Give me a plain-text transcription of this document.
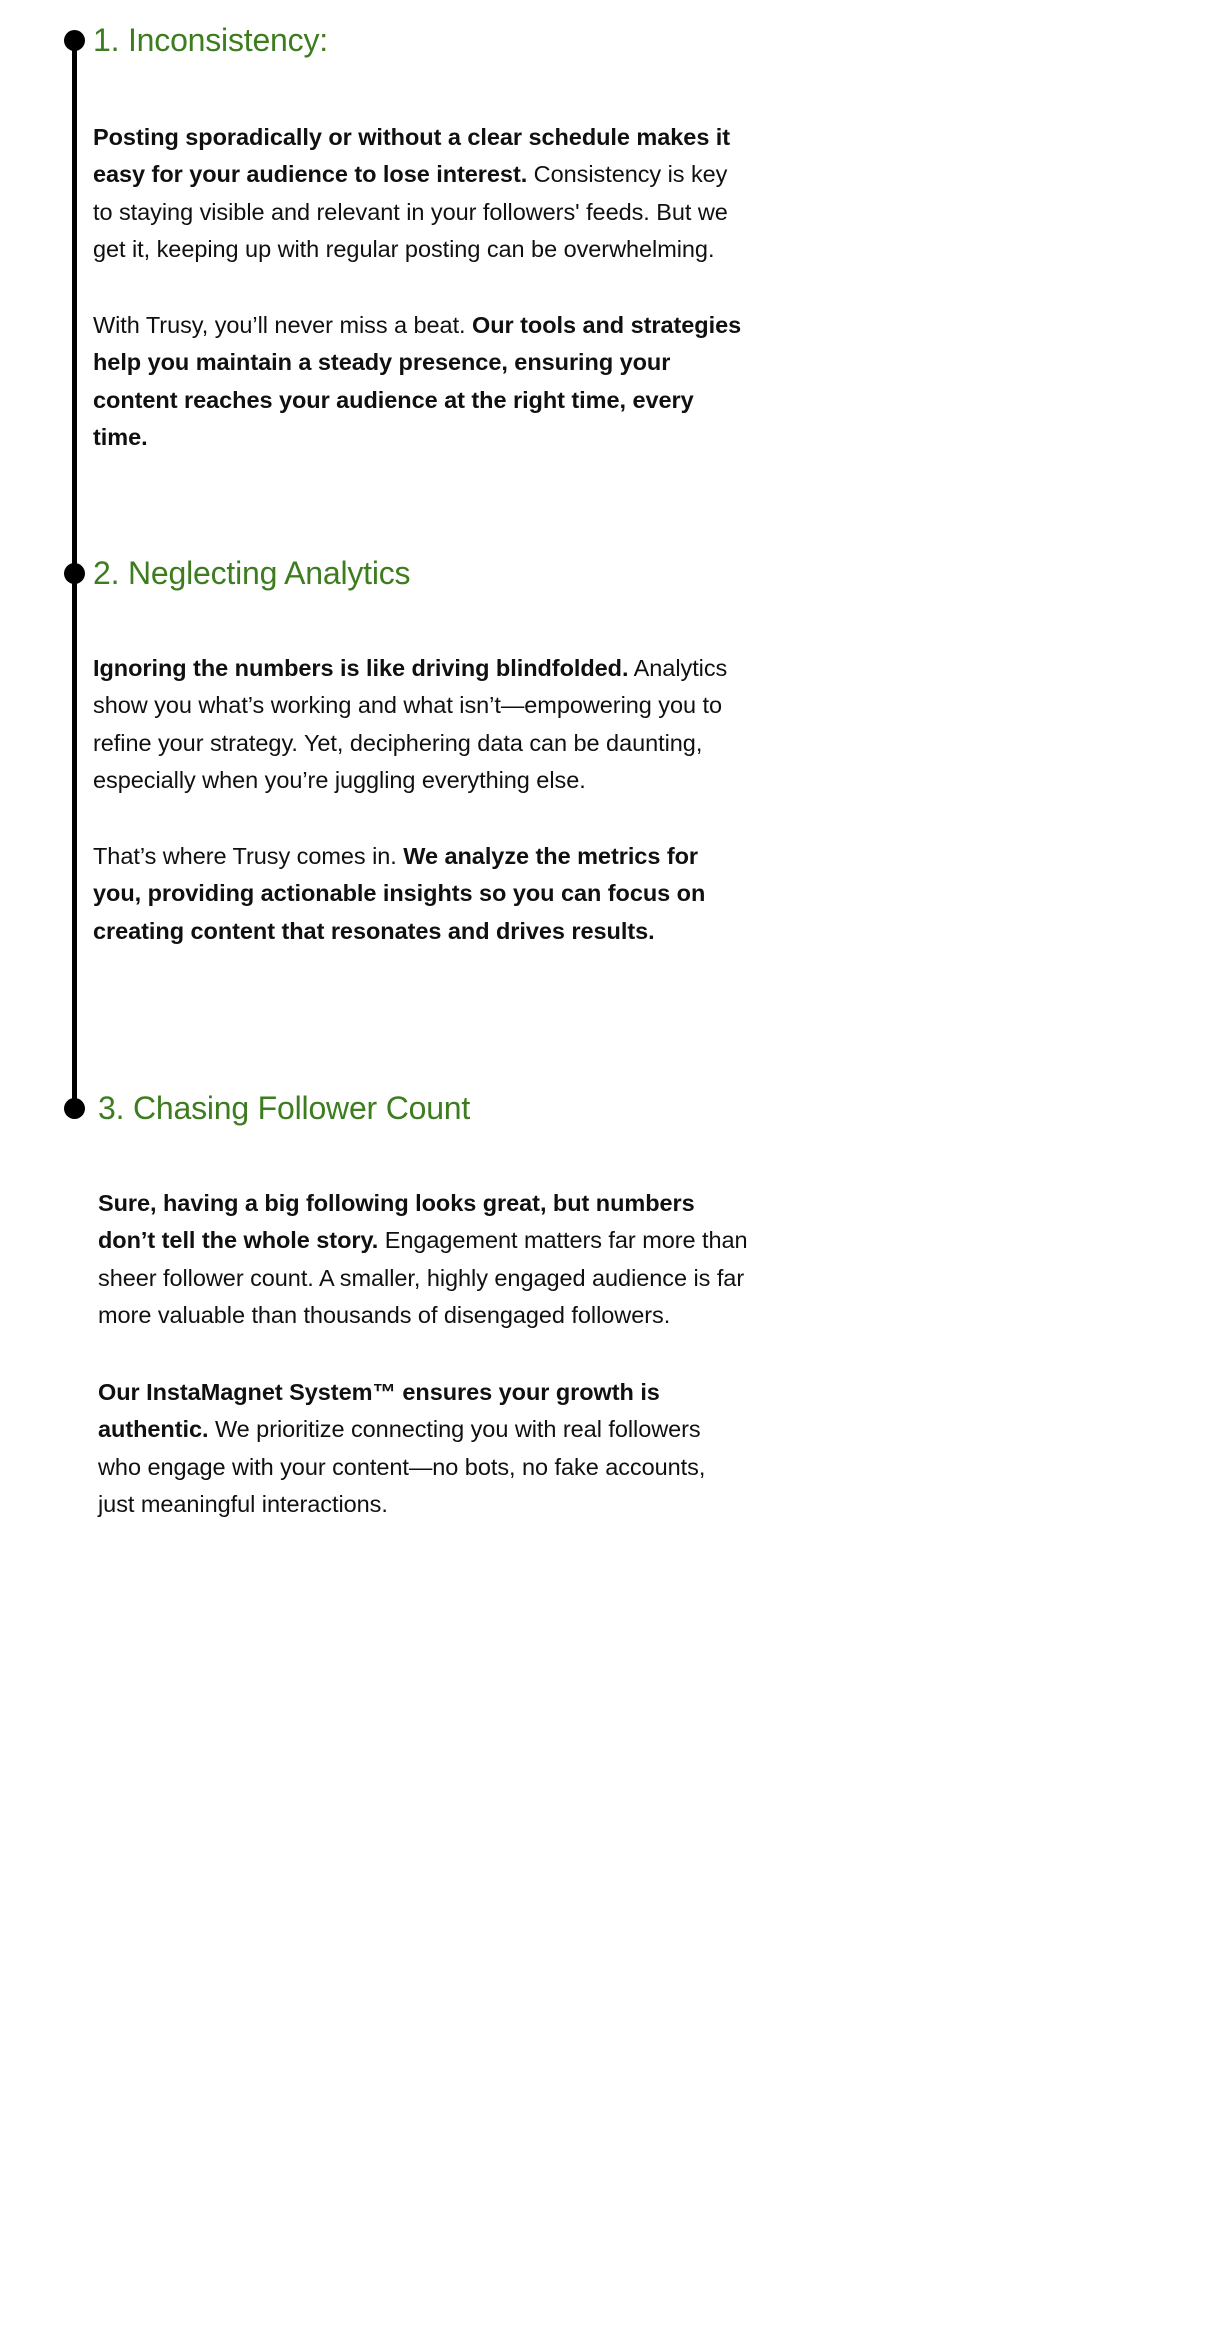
1. Inconsistency:

Posting sporadically or without a clear schedule makes it easy for your audience to lose interest. Consistency is key to staying visible and relevant in your followers' feeds. But we get it, keeping up with regular posting can be overwhelming.

With Trusy, you’ll never miss a beat. Our tools and strategies help you maintain a steady presence, ensuring your content reaches your audience at the right time, every time.

2. Neglecting Analytics

Ignoring the numbers is like driving blindfolded. Analytics show you what’s working and what isn’t—empowering you to refine your strategy. Yet, deciphering data can be daunting, especially when you’re juggling everything else.

That’s where Trusy comes in. We analyze the metrics for you, providing actionable insights so you can focus on creating content that resonates and drives results.

3. Chasing Follower Count

Sure, having a big following looks great, but numbers don’t tell the whole story. Engagement matters far more than sheer follower count. A smaller, highly engaged audience is far more valuable than thousands of disengaged followers.

Our InstaMagnet System™ ensures your growth is authentic. We prioritize connecting you with real followers who engage with your content—no bots, no fake accounts, just meaningful interactions.
